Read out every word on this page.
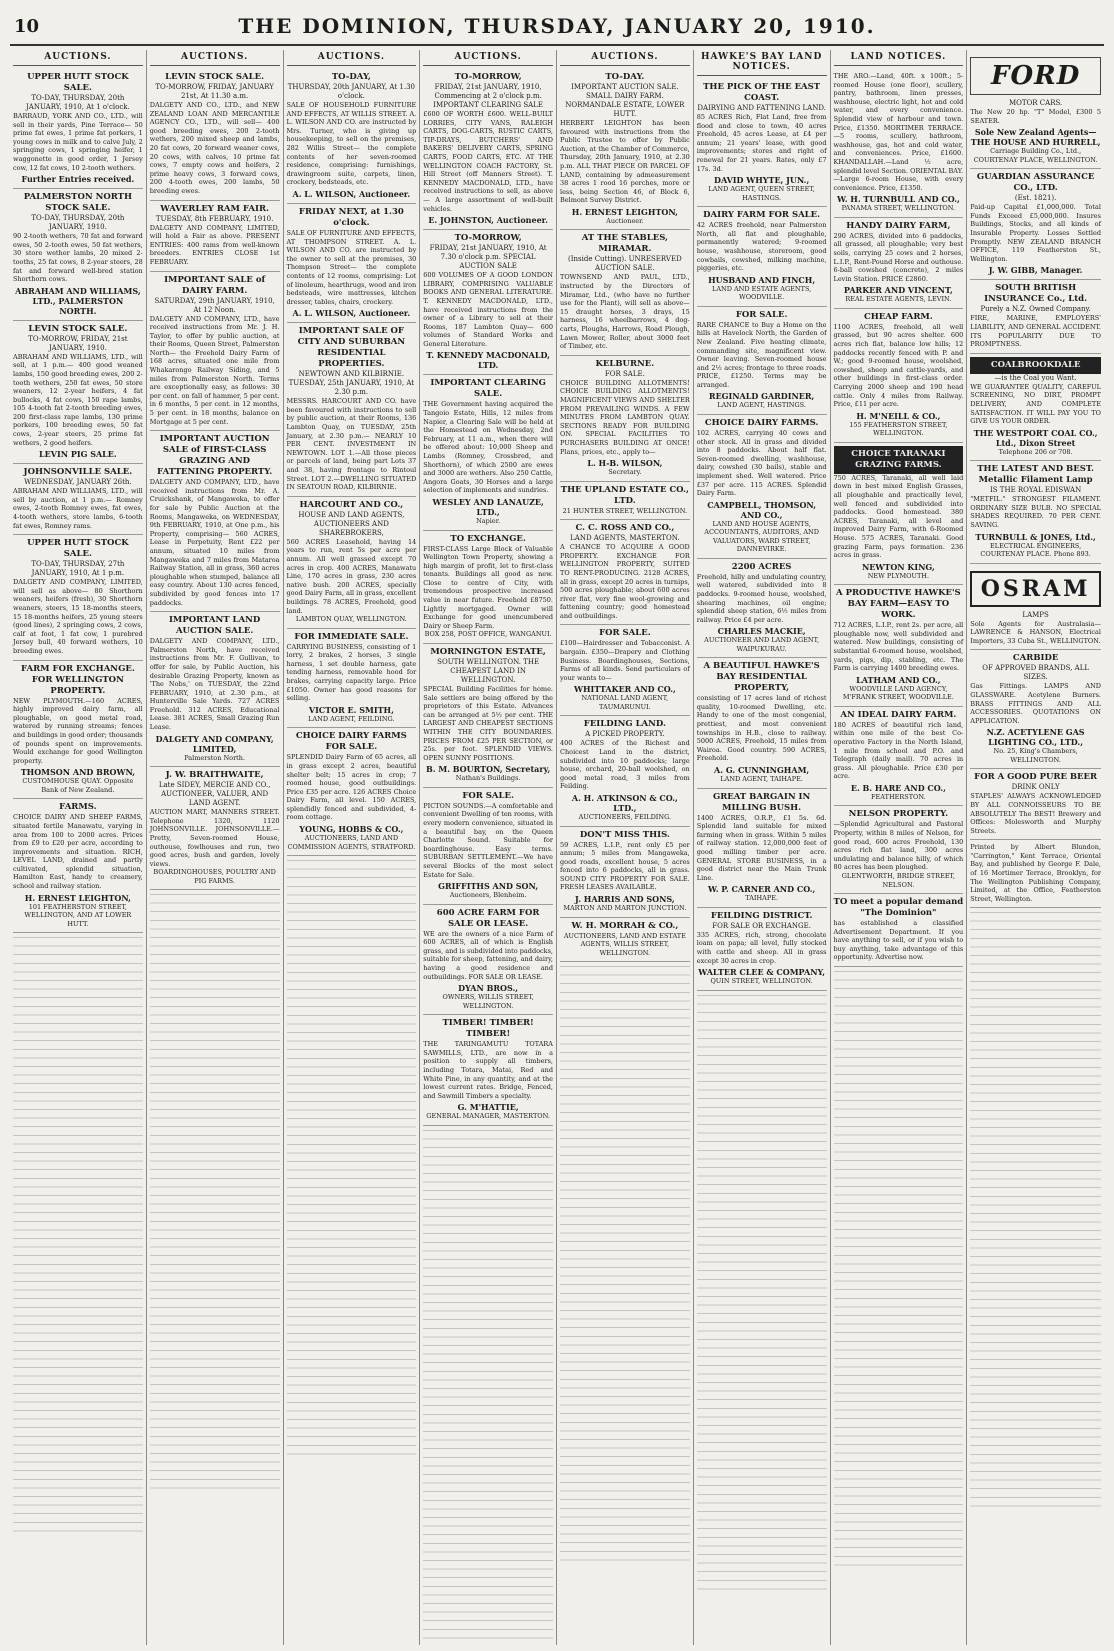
10	THE DOMINION, THURSDAY, JANUARY 20, 1910.
AUCTIONS.
UPPER HUTT STOCK SALE.
TO-DAY, THURSDAY, 20th JANUARY, 1910, At 1 o'clock.
BARRAUD, YORK AND CO., LTD., will sell in their yards, Pine Terrace— 50 prime fat ewes, 1 prime fat porkers, 1 young cows in milk and to calve July, 2 springing cows, 1 springing heifer, 1 waggonette in good order, 1 Jersey cow, 12 fat cows, 10 2-tooth wethers.
Further Entries received.
PALMERSTON NORTH STOCK SALE.
TO-DAY, THURSDAY, 20th JANUARY, 1910.
90 2-tooth wethers, 70 fat and forward ewes, 50 2-tooth ewes, 50 fat wethers, 30 store wether lambs, 20 mixed 2-tooths, 25 fat cows, 8 2-year steers, 28 fat and forward well-bred station Shorthorn cows.
ABRAHAM AND WILLIAMS, LTD., PALMERSTON NORTH.
LEVIN STOCK SALE.
TO-MORROW, FRIDAY, 21st JANUARY, 1910.
ABRAHAM AND WILLIAMS, LTD., will sell, at 1 p.m.— 400 good weaned lambs, 150 good breeding ewes, 200 2-tooth wethers, 250 fat ewes, 50 store weaners, 12 2-year heifers, 4 fat bullocks, 4 fat cows, 150 rape lambs, 105 4-tooth fat 2-tooth breeding ewes, 200 first-class rape lambs, 130 prime porkers, 100 breeding ewes, 50 fat cows, 2-year steers, 25 prime fat wethers, 2 good heifers.
LEVIN PIG SALE.
JOHNSONVILLE SALE.
WEDNESDAY, JANUARY 26th.
ABRAHAM AND WILLIAMS, LTD., will sell by auction, at 1 p.m.— Romney ewes, 2-tooth Romney ewes, fat ewes, 4-tooth wethers, store lambs, 6-tooth fat ewes, Romney rams.
UPPER HUTT STOCK SALE.
TO-DAY, THURSDAY, 27th JANUARY, 1910, At 1 p.m.
DALGETY AND COMPANY, LIMITED, will sell as above— 80 Shorthorn weaners, heifers (fresh), 30 Shorthorn weaners, steers, 15 18-months steers, 15 18-months heifers, 25 young steers (good lines), 2 springing cows, 2 cows, calf at foot, 1 fat cow, 1 purebred Jersey bull, 40 forward wethers, 10 breeding ewes.
FARM FOR EXCHANGE. FOR WELLINGTON PROPERTY.
NEW PLYMOUTH.—160 ACRES, highly improved dairy farm, all ploughable, on good metal road, watered by running streams; fences and buildings in good order; thousands of pounds spent on improvements. Would exchange for good Wellington property.
THOMSON AND BROWN,
CUSTOMHOUSE QUAY. Opposite Bank of New Zealand.
FARMS.
CHOICE DAIRY AND SHEEP FARMS, situated fertile Manawatu, varying in area from 100 to 2000 acres. Prices from £9 to £20 per acre, according to improvements and situation. RICH, LEVEL LAND, drained and partly cultivated, splendid situation, Hamilton East, handy to creamery, school and railway station.
H. ERNEST LEIGHTON,
101 FEATHERSTON STREET, WELLINGTON, AND AT LOWER HUTT.
AUCTIONS.
LEVIN STOCK SALE.
TO-MORROW, FRIDAY, JANUARY 21st, At 11.30 a.m.
DALGETY AND CO., LTD., and NEW ZEALAND LOAN AND MERCANTILE AGENCY CO., LTD., will sell— 400 good breeding ewes, 200 2-tooth wethers, 200 mixed sheep and lambs, 20 fat cows, 20 forward weaner cows, 20 cows, with calves, 10 prime fat cows, 7 empty cows and heifers, 2 prime heavy cows, 3 forward cows, 200 4-tooth ewes, 200 lambs, 50 breeding ewes.
WAVERLEY RAM FAIR.
TUESDAY, 8th FEBRUARY, 1910.
DALGETY AND COMPANY, LIMITED, will hold a Fair as above. PRESENT ENTRIES: 400 rams from well-known breeders. ENTRIES CLOSE 1st FEBRUARY.
IMPORTANT SALE of DAIRY FARM.
SATURDAY, 29th JANUARY, 1910, At 12 Noon.
DALGETY AND COMPANY, LTD., have received instructions from Mr. J. H. Taylor, to offer by public auction, at their Rooms, Queen Street, Palmerston North— the Freehold Dairy Farm of 168 acres, situated one mile from Whakarongo Railway Siding, and 5 miles from Palmerston North. Terms are exceptionally easy, as follows: 30 per cent. on fall of hammer, 5 per cent. in 6 months, 5 per cent. in 12 months, 5 per cent. in 18 months, balance on Mortgage at 5 per cent.
IMPORTANT AUCTION SALE of FIRST-CLASS GRAZING AND FATTENING PROPERTY.
DALGETY AND COMPANY, LTD., have received instructions from Mr. A. Cruickshank, of Mangaweka, to offer for sale by Public Auction at the Rooms, Mangaweka, on WEDNESDAY, 9th FEBRUARY, 1910, at One p.m., his Property, comprising— 560 ACRES, Lease in Perpetuity, Rent £22 per annum, situated 10 miles from Mangaweka and 7 miles from Mataroa Railway Station, all in grass, 360 acres ploughable when stumped, balance all easy country. About 130 acres fenced, subdivided by good fences into 17 paddocks.
IMPORTANT LAND AUCTION SALE.
DALGETY AND COMPANY, LTD., Palmerston North, have received instructions from Mr. F. Gullivan, to offer for sale, by Public Auction, his desirable Grazing Property, known as 'The Nobs,' on TUESDAY, the 22nd FEBRUARY, 1910, at 2.30 p.m., at Hunterville Sale Yards. 727 ACRES Freehold. 312 ACRES, Educational Lease. 381 ACRES, Small Grazing Run Lease.
DALGETY AND COMPANY, LIMITED,
Palmerston North.
J. W. BRAITHWAITE,
Late SIDEY, MERCIE AND CO., AUCTIONEER, VALUER, AND LAND AGENT.
AUCTION MART, MANNERS STREET. Telephone 1320, 1120 JOHNSONVILLE. JOHNSONVILLE.—Pretty, Seven-roomed House, outhouse, fowlhouses and run, two good acres, bush and garden, lovely views.
BOARDINGHOUSES, POULTRY AND PIG FARMS.
AUCTIONS.
TO-DAY,
THURSDAY, 20th JANUARY, At 1.30 o'clock.
SALE OF HOUSEHOLD FURNITURE AND EFFECTS, AT WILLIS STREET. A. L. WILSON AND CO. are instructed by Mrs. Turner, who is giving up housekeeping, to sell on the premises, 282 Willis Street— the complete contents of her seven-roomed residence, comprising: furnishings, drawingroom suite, carpets, linen, crockery, bedsteads, etc.
A. L. WILSON, Auctioneer.
FRIDAY NEXT, at 1.30 o'clock.
SALE OF FURNITURE AND EFFECTS, AT THOMPSON STREET. A. L. WILSON AND CO. are instructed by the owner to sell at the premises, 30 Thompson Street— the complete contents of 12 rooms, comprising: Lot of linoleum, hearthrugs, wood and iron bedsteads, wire mattresses, kitchen dresser, tables, chairs, crockery.
A. L. WILSON, Auctioneer.
IMPORTANT SALE OF CITY AND SUBURBAN RESIDENTIAL PROPERTIES.
NEWTOWN AND KILBIRNIE. TUESDAY, 25th JANUARY, 1910, At 2.30 p.m.
MESSRS. HARCOURT AND CO. have been favoured with instructions to sell by public auction, at their Rooms, 136 Lambton Quay, on TUESDAY, 25th January, at 2.30 p.m.— NEARLY 10 PER CENT. INVESTMENT IN NEWTOWN. LOT 1.—All those pieces or parcels of land, being part Lots 37 and 38, having frontage to Rintoul Street. LOT 2.—DWELLING SITUATED IN SEATOUN ROAD, KILBIRNIE.
HARCOURT AND CO.,
HOUSE AND LAND AGENTS, AUCTIONEERS AND SHAREBROKERS,
560 ACRES Leasehold, having 14 years to run, rent 5s per acre per annum. All well grassed except 70 acres in crop. 400 ACRES, Manawatu Line, 170 acres in grass, 230 acres native bush. 200 ACRES, specially good Dairy Farm, all in grass, excellent buildings. 78 ACRES, Freehold, good land.
LAMBTON QUAY, WELLINGTON.
FOR IMMEDIATE SALE.
CARRYING BUSINESS, consisting of 1 lorry, 2 brakes, 2 horses, 3 single harness, 1 set double harness, gate tending harness, removable hood for brakes, carrying capacity large. Price £1050. Owner has good reasons for selling.
VICTOR E. SMITH,
LAND AGENT, FEILDING.
CHOICE DAIRY FARMS FOR SALE.
SPLENDID Dairy Farm of 65 acres, all in grass except 2 acres, beautiful shelter belt; 15 acres in crop; 7 roomed house, good outbuildings. Price £35 per acre. 126 ACRES Choice Dairy Farm, all level. 150 ACRES, splendidly fenced and subdivided, 4-room cottage.
YOUNG, HOBBS & CO.,
AUCTIONEERS, LAND AND COMMISSION AGENTS, STRATFORD.
AUCTIONS.
TO-MORROW,
FRIDAY, 21st JANUARY, 1910, Commencing at 2 o'clock p.m. IMPORTANT CLEARING SALE
£600 OF WORTH £600. WELL-BUILT LORRIES, CITY VANS, RALEIGH CARTS, DOG-CARTS, RUSTIC CARTS, TIP-DRAYS, BUTCHERS' AND BAKERS' DELIVERY CARTS, SPRING CARTS, FOOD CARTS, ETC. AT THE WELLINGTON COACH FACTORY, St. Hill Street (off Manners Street). T. KENNEDY MACDONALD, LTD., have received instructions to sell, as above— A large assortment of well-built vehicles.
E. JOHNSTON, Auctioneer.
TO-MORROW,
FRIDAY, 21st JANUARY, 1910, At 7.30 o'clock p.m. SPECIAL AUCTION SALE
600 VOLUMES OF A GOOD LONDON LIBRARY, COMPRISING VALUABLE BOOKS AND GENERAL LITERATURE. T. KENNEDY MACDONALD, LTD., have received instructions from the owner of a Library to sell at their Rooms, 187 Lambton Quay— 600 volumes of Standard Works and General Literature.
T. KENNEDY MACDONALD, LTD.
IMPORTANT CLEARING SALE.
THE Government having acquired the Tangoio Estate, Hills, 12 miles from Napier, a Clearing Sale will be held at the Homestead on Wednesday, 2nd February, at 11 a.m., when there will be offered about: 10,000 Sheep and Lambs (Romney, Crossbred, and Shorthorn), of which 2500 are ewes and 3000 are wethers. Also 250 Cattle, Angora Goats, 30 Horses and a large selection of implements and sundries.
WESLEY AND LANAUZE, LTD.,
Napier.
TO EXCHANGE.
FIRST-CLASS Large Block of Valuable Wellington Town Property, showing a high margin of profit, let to first-class tenants. Buildings all good as new. Close to centre of City, with tremendous prospective increased value in near future. Freehold £8750. Lightly mortgaged. Owner will Exchange for good unencumbered Dairy or Sheep Farm.
BOX 258, POST OFFICE, WANGANUI.
MORNINGTON ESTATE,
SOUTH WELLINGTON. THE CHEAPEST LAND IN WELLINGTON.
SPECIAL Building Facilities for home. Sale settlers are being offered by the proprietors of this Estate. Advances can be arranged at 5½ per cent. THE LARGEST AND CHEAPEST SECTIONS WITHIN THE CITY BOUNDARIES. PRICES FROM £25 PER SECTION, or 25s. per foot. SPLENDID VIEWS. OPEN SUNNY POSITIONS.
B. M. BOURTON, Secretary,
Nathan's Buildings.
FOR SALE.
PICTON SOUNDS.—A comfortable and convenient Dwelling of ten rooms, with every modern convenience, situated in a beautiful bay, on the Queen Charlotte Sound. Suitable for boardinghouse. Easy terms. SUBURBAN SETTLEMENT.—We have several Blocks of the most select Estate for Sale.
GRIFFITHS AND SON,
Auctioneers, Blenheim.
600 ACRE FARM FOR SALE OR LEASE.
WE are the owners of a nice Farm of 600 ACRES, all of which is English grass, and is subdivided into paddocks, suitable for sheep, fattening, and dairy, having a good residence and outbuildings. FOR SALE OR LEASE.
DYAN BROS.,
OWNERS, WILLIS STREET, WELLINGTON.
TIMBER! TIMBER! TIMBER!
THE TARINGAMUTU TOTARA SAWMILLS, LTD., are now in a position to supply all timbers, including Totara, Matai, Red and White Pine, in any quantity, and at the lowest current rates. Bridge, Fenced, and Sawmill Timbers a specialty.
G. M'HATTIE,
GENERAL MANAGER, MASTERTON.
AUCTIONS.
TO-DAY.
IMPORTANT AUCTION SALE. SMALL DAIRY FARM. NORMANDALE ESTATE, LOWER HUTT.
HERBERT LEIGHTON has been favoured with instructions from the Public Trustee to offer by Public Auction, at the Chamber of Commerce, Thursday, 20th January, 1910, at 2.30 p.m. ALL THAT PIECE OR PARCEL OF LAND, containing by admeasurement 38 acres 1 rood 16 perches, more or less, being Section 46, of Block 6, Belmont Survey District.
H. ERNEST LEIGHTON,
Auctioneer.
AT THE STABLES, MIRAMAR.
(Inside Cutting). UNRESERVED AUCTION SALE.
TOWNSEND AND PAUL, LTD., instructed by the Directors of Miramar, Ltd., (who have no further use for the Plant), will sell as above— 15 draught horses, 3 drays, 15 harness, 16 wheelbarrows, 4 dog-carts, Ploughs, Harrows, Road Plough, Lawn Mower, Roller, about 3000 feet of Timber, etc.
KELBURNE.
FOR SALE.
CHOICE BUILDING ALLOTMENTS! CHOICE BUILDING ALLOTMENTS! MAGNIFICENT VIEWS AND SHELTER FROM PREVAILING WINDS. A FEW MINUTES FROM LAMBTON QUAY. SECTIONS READY FOR BUILDING ON. SPECIAL FACILITIES TO PURCHASERS BUILDING AT ONCE! Plans, prices, etc., apply to—
L. H-B. WILSON,
Secretary.
THE UPLAND ESTATE CO., LTD.
21 HUNTER STREET, WELLINGTON.
C. C. ROSS AND CO.,
LAND AGENTS, MASTERTON.
A CHANCE TO ACQUIRE A GOOD PROPERTY. EXCHANGE FOR WELLINGTON PROPERTY, SUITED TO RENT-PRODUCING. 2128 ACRES, all in grass, except 20 acres in turnips, 500 acres ploughable; about 600 acres river flat, very fine wool-growing and fattening country; good homestead and outbuildings.
FOR SALE.
£100—Hairdresser and Tobacconist. A bargain. £350—Drapery and Clothing Business. Boardinghouses, Sections, Farms of all kinds. Send particulars of your wants to—
WHITTAKER AND CO.,
NATIONAL LAND AGENT, TAUMARUNUI.
FEILDING LAND.
A PICKED PROPERTY.
400 ACRES of the Richest and Choicest Land in the district, subdivided into 10 paddocks; large house, orchard, 20-ball woolshed, on good metal road, 3 miles from Feilding.
A. H. ATKINSON & CO., LTD.,
AUCTIONEERS, FEILDING.
DON'T MISS THIS.
59 ACRES, L.I.P., rent only £5 per annum; 5 miles from Mangaweka, good roads, excellent house, 5 acres fenced into 6 paddocks, all in grass. SOUND CITY PROPERTY FOR SALE. FRESH LEASES AVAILABLE.
J. HARRIS AND SONS,
MARTON AND MARTON JUNCTION.
W. H. MORRAH & CO.,
AUCTIONEERS, LAND AND ESTATE AGENTS, WILLIS STREET, WELLINGTON.
HAWKE'S BAY LAND NOTICES.
THE PICK OF THE EAST COAST.
DAIRYING AND FATTENING LAND.
85 ACRES Rich, Flat Land, free from flood and close to town, 40 acres Freehold, 45 acres Lease, at £4 per annum; 21 years' lease, with good improvements; stores and right of renewal for 21 years. Rates, only £7 17s. 3d.
DAVID WHYTE, JUN.,
LAND AGENT, QUEEN STREET, HASTINGS.
DAIRY FARM FOR SALE.
42 ACRES freehold, near Palmerston North, all flat and ploughable, permanently watered; 9-roomed house, washhouse, storeroom, good cowbails, cowshed, milking machine, piggeries, etc.
HUSBAND AND FINCH,
LAND AND ESTATE AGENTS, WOODVILLE.
FOR SALE.
RARE CHANCE to Buy a Home on the hills at Havelock North, the Garden of New Zealand. Five heating climate, commanding site, magnificent view. Owner leaving. Seven-roomed house and 2½ acres; frontage to three roads. PRICE, £1250. Terms may be arranged.
REGINALD GARDINER,
LAND AGENT, HASTINGS.
CHOICE DAIRY FARMS.
102 ACRES, carrying 40 cows and other stock. All in grass and divided into 8 paddocks. About half flat. Seven-roomed dwelling, washhouse, dairy, cowshed (30 bails), stable and implement shed. Well watered. Price £37 per acre. 115 ACRES. Splendid Dairy Farm.
CAMPBELL, THOMSON, AND CO.,
LAND AND HOUSE AGENTS, ACCOUNTANTS, AUDITORS, AND VALUATORS, WARD STREET, DANNEVIRKE.
2200 ACRES
Freehold, hilly and undulating country, well watered, subdivided into 8 paddocks. 9-roomed house, woolshed, shearing machines, oil engine; splendid sheep station, 6½ miles from railway. Price £4 per acre.
CHARLES MACKIE,
AUCTIONEER AND LAND AGENT, WAIPUKURAU.
A BEAUTIFUL HAWKE'S BAY RESIDENTIAL PROPERTY,
consisting of 17 acres land of richest quality, 10-roomed Dwelling, etc. Handy to one of the most congenial, prettiest, and most convenient townships in H.B., close to railway. 5000 ACRES, Freehold, 15 miles from Wairoa. Good country. 590 ACRES, Freehold.
A. G. CUNNINGHAM,
LAND AGENT, TAIHAPE.
GREAT BARGAIN IN MILLING BUSH.
1400 ACRES, O.R.P., £1 5s. 6d. Splendid land suitable for mixed farming when in grass. Within 5 miles of railway station. 12,000,000 feet of good milling timber per acre. GENERAL STORE BUSINESS, in a good district near the Main Trunk Line.
W. P. CARNER AND CO.,
TAIHAPE.
FEILDING DISTRICT.
FOR SALE OR EXCHANGE.
335 ACRES, rich, strong, chocolate loam on papa; all level, fully stocked with cattle and sheep. All in grass except 30 acres in crop.
WALTER CLEE & COMPANY,
QUIN STREET, WELLINGTON.
LAND NOTICES.
THE ARO.—Land, 40ft. x 100ft.; 5-roomed House (one floor), scullery, pantry, bathroom, linen presses, washhouse, electric light, hot and cold water, and every convenience. Splendid view of harbour and town. Price, £1350. MORTIMER TERRACE.—5 rooms, scullery, bathroom, washhouse, gas, hot and cold water, and conveniences. Price, £1600. KHANDALLAH.—Land ½ acre, splendid level Section. ORIENTAL BAY.—Large 6-room House, with every convenience. Price, £1350.
W. H. TURNBULL AND CO.,
PANAMA STREET, WELLINGTON.
HANDY DAIRY FARM,
290 ACRES, divided into 6 paddocks, all grassed, all ploughable; very best soils, carrying 25 cows and 2 horses, L.I.P., Rent-Pound Horse and outhouse. 6-ball cowshed (concrete), 2 miles Levin Station. PRICE £2860.
PARKER AND VINCENT,
REAL ESTATE AGENTS, LEVIN.
CHEAP FARM.
1100 ACRES, freehold, all well grassed, but 90 acres shelter. 600 acres rich flat, balance low hills; 12 paddocks recently fenced with P. and W.; good 9-roomed house, woolshed, cowshed, sheep and cattle-yards, and other buildings in first-class order. Carrying 2000 sheep and 190 head cattle. Only 4 miles from Railway. Price, £11 per acre.
H. M'NEILL & CO.,
155 FEATHERSTON STREET, WELLINGTON.
CHOICE TARANAKI GRAZING FARMS.
750 ACRES, Taranaki, all well laid down in best mixed English Grasses, all ploughable and practically level, well fenced and subdivided into paddocks. Good homestead. 380 ACRES, Taranaki, all level and improved Dairy Farm, with 6-Roomed House. 575 ACRES, Taranaki. Good grazing Farm, pays formation. 236 acres in grass.
NEWTON KING,
NEW PLYMOUTH.
A PRODUCTIVE HAWKE'S BAY FARM—EASY TO WORK.
712 ACRES, L.I.P., rent 2s. per acre, all ploughable now, well subdivided and watered. New buildings, consisting of substantial 6-roomed house, woolshed, yards, pigs, dip, stabling, etc. The Farm is carrying 1400 breeding ewes.
LATHAM AND CO.,
WOODVILLE LAND AGENCY, M'FRANK STREET, WOODVILLE.
AN IDEAL DAIRY FARM.
180 ACRES of beautiful rich land, within one mile of the best Co-operative Factory in the North Island, 1 mile from school and P.O. and Telegraph (daily mail). 70 acres in grass. All ploughable. Price £30 per acre.
E. B. HARE AND CO.,
FEATHERSTON.
NELSON PROPERTY.
—Splendid Agricultural and Pastoral Property, within 8 miles of Nelson, for good road, 600 acres Freehold, 130 acres rich flat land, 300 acres undulating and balance hilly, of which 80 acres has been ploughed.
GLENTWORTH, BRIDGE STREET, NELSON.
TO meet a popular demand "The Dominion"
has established a classified Advertisement Department. If you have anything to sell, or if you wish to buy anything, take advantage of this opportunity. Advertise now.
FORD
MOTOR CARS.
The New 20 hp. "T" Model, £300 5 SEATER.
Sole New Zealand Agents— THE HOUSE AND HURRELL,
Carriage Building Co., Ltd., COURTENAY PLACE, WELLINGTON.
GUARDIAN ASSURANCE CO., LTD.
(Est. 1821).
Paid-up Capital £1,000,000. Total Funds Exceed £5,000,000. Insures Buildings, Stocks, and all kinds of Insurable Property. Losses Settled Promptly. NEW ZEALAND BRANCH OFFICE, 119 Featherston St., Wellington.
J. W. GIBB, Manager.
SOUTH BRITISH INSURANCE Co., Ltd.
Purely a N.Z. Owned Company.
FIRE, MARINE, EMPLOYERS' LIABILITY, AND GENERAL ACCIDENT. ITS POPULARITY DUE TO PROMPTNESS.
COALBROOKDALE
—is the Coal you Want.
WE GUARANTEE QUALITY, CAREFUL SCREENING, NO DIRT, PROMPT DELIVERY, AND COMPLETE SATISFACTION. IT WILL PAY YOU TO GIVE US YOUR ORDER.
THE WESTPORT COAL CO., Ltd., Dixon Street
Telephone 206 or 708.
THE LATEST AND BEST. Metallic Filament Lamp
IS THE ROYAL EDISWAN
"METFIL." STRONGEST FILAMENT. ORDINARY SIZE BULB. NO SPECIAL SHADES REQUIRED. 70 PER CENT. SAVING.
TURNBULL & JONES, Ltd.,
ELECTRICAL ENGINEERS, COURTENAY PLACE. Phone 893.
OSRAM
LAMPS
Sole Agents for Australasia— LAWRENCE & HANSON, Electrical Importers, 33 Cuba St., WELLINGTON.
CARBIDE
OF APPROVED BRANDS, ALL SIZES.
Gas Fittings. LAMPS AND GLASSWARE. Acetylene Burners. BRASS FITTINGS AND ALL ACCESSORIES. QUOTATIONS ON APPLICATION.
N.Z. ACETYLENE GAS LIGHTING CO., LTD.,
No. 25, King's Chambers, WELLINGTON.
FOR A GOOD PURE BEER
DRINK ONLY
STAPLES' ALWAYS ACKNOWLEDGED BY ALL CONNOISSEURS TO BE ABSOLUTELY The BEST! Brewery and Offices: Molesworth and Murphy Streets.
Printed by Albert Blundon, "Carrington," Kent Terrace, Oriental Bay, and published by George F. Dale, of 16 Mortimer Terrace, Brooklyn, for The Wellington Publishing Company, Limited, at the Office, Featherston Street, Wellington.
